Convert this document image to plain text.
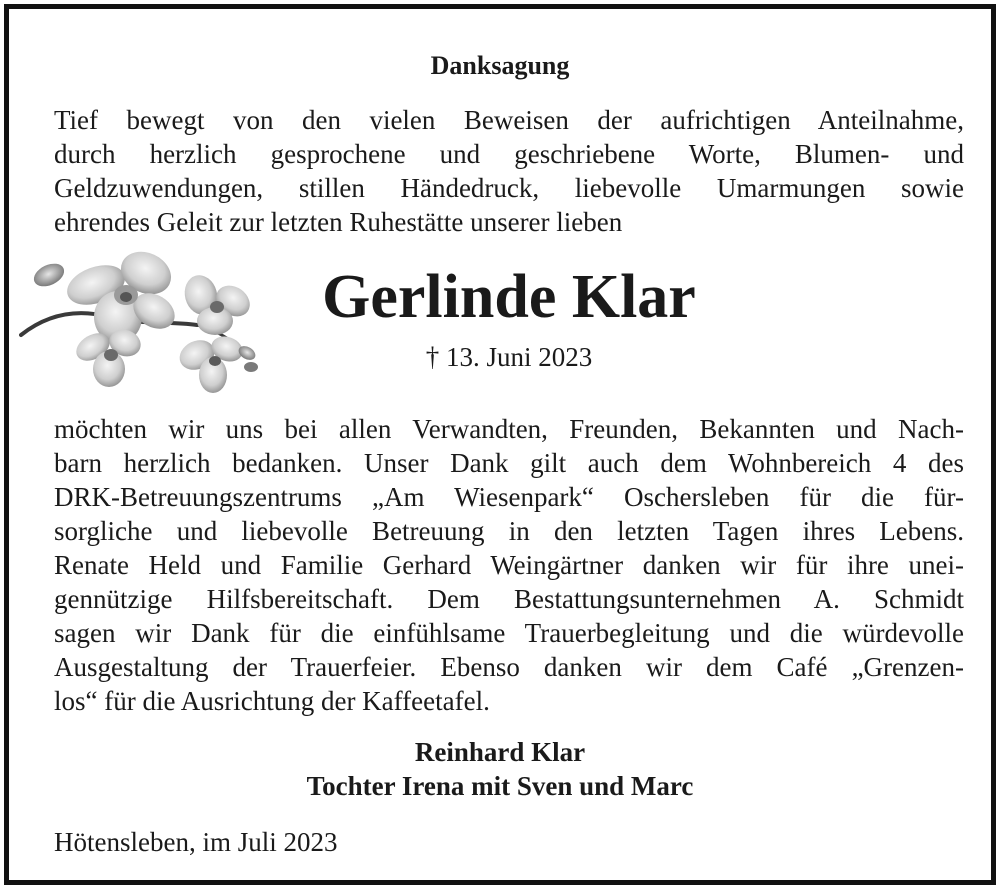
Danksagung
Tief bewegt von den vielen Beweisen der aufrichtigen Anteilnahme,
durch herzlich gesprochene und geschriebene Worte, Blumen- und
Geldzuwendungen, stillen Händedruck, liebevolle Umarmungen sowie
ehrendes Geleit zur letzten Ruhestätte unserer lieben
Gerlinde Klar
† 13. Juni 2023
möchten wir uns bei allen Verwandten, Freunden, Bekannten und Nach-
barn herzlich bedanken. Unser Dank gilt auch dem Wohnbereich 4 des
DRK-Betreuungszentrums „Am Wiesenpark“ Oschersleben für die für-
sorgliche und liebevolle Betreuung in den letzten Tagen ihres Lebens.
Renate Held und Familie Gerhard Weingärtner danken wir für ihre unei-
gennützige Hilfsbereitschaft. Dem Bestattungsunternehmen A. Schmidt
sagen wir Dank für die einfühlsame Trauerbegleitung und die würdevolle
Ausgestaltung der Trauerfeier. Ebenso danken wir dem Café „Grenzen-
los“ für die Ausrichtung der Kaffeetafel.
Reinhard Klar
Tochter Irena mit Sven und Marc
Hötensleben, im Juli 2023
